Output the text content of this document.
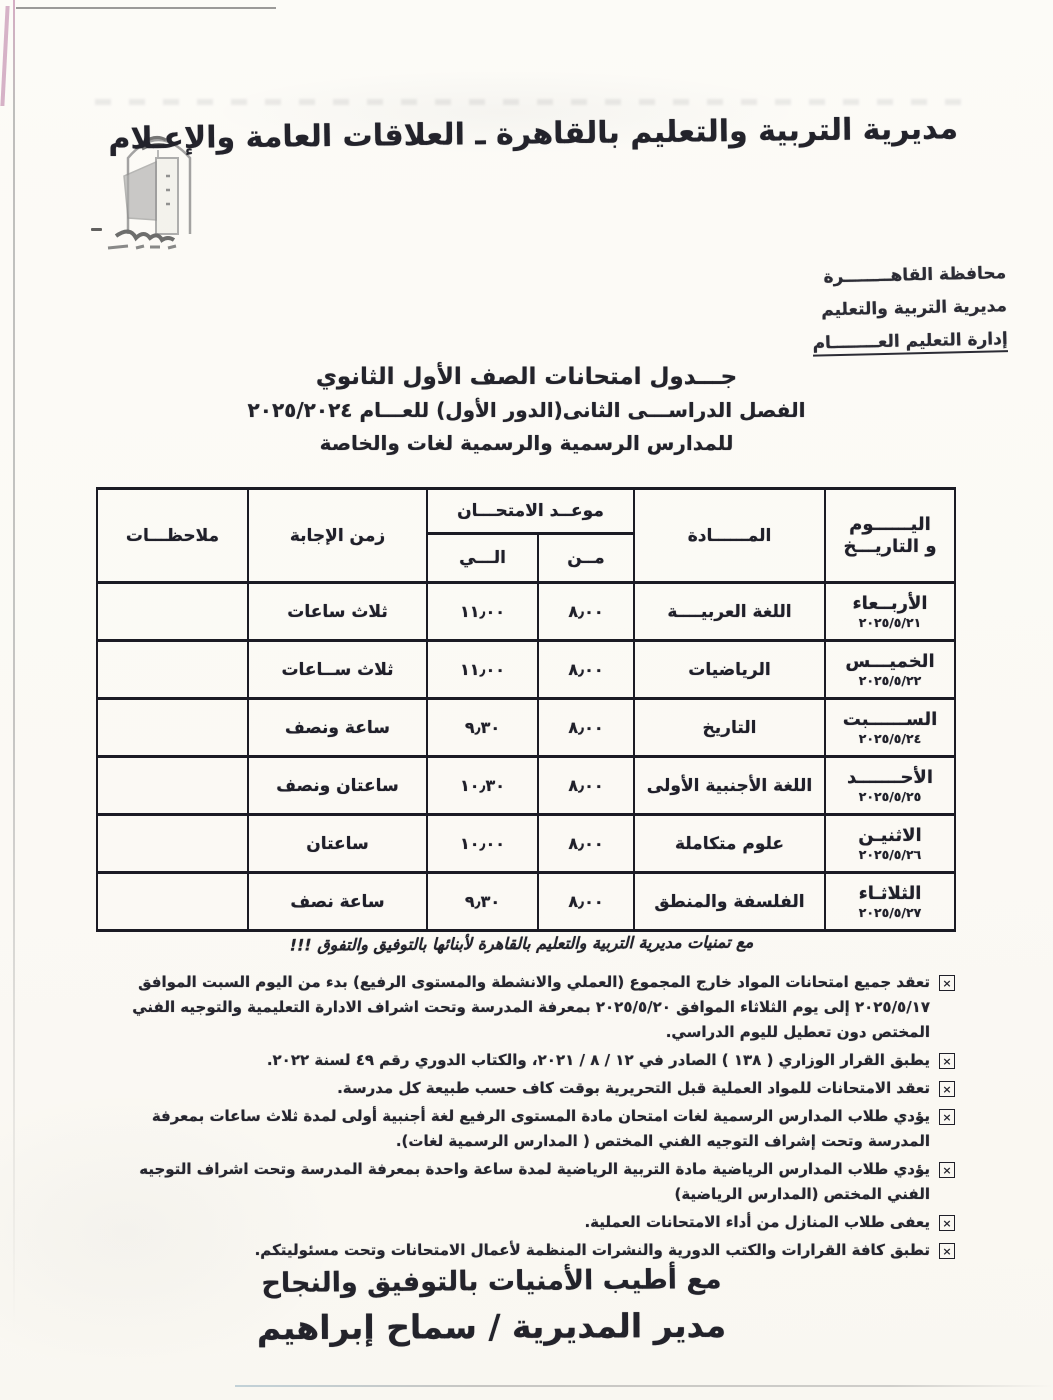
مديرية التربية والتعليم بالقاهرة ـ العلاقات العامة والإعـلام
محافظة القاهــــــــرة
مديرية التربية والتعليم
إدارة التعليم العــــــــام
جـــدول امتحانات الصف الأول الثانوي
الفصل الدراســـى الثانى(الدور الأول) للعـــام ٢٠٢٥/٢٠٢٤
للمدارس الرسمية والرسمية لغات والخاصة
اليــــــوم
و التاريـــخ	المــــــادة	موعــد الامتحـــان		زمن الإجابة	ملاحظـــات
		مــن	الـــي		

الأربــعاء
٢٠٢٥/٥/٢١	اللغة العربيــــة	٨٫٠٠	١١٫٠٠	ثلاث ساعات	

الخميـــس
٢٠٢٥/٥/٢٢	الرياضيات	٨٫٠٠	١١٫٠٠	ثلاث ســاعات	

الســــــبت
٢٠٢٥/٥/٢٤	التاريخ	٨٫٠٠	٩٫٣٠	ساعة ونصف	

الأحـــــــد
٢٠٢٥/٥/٢٥	اللغة الأجنبية الأولى	٨٫٠٠	١٠٫٣٠	ساعتان ونصف	

الاثنيـن
٢٠٢٥/٥/٢٦	علوم متكاملة	٨٫٠٠	١٠٫٠٠	ساعتان	

الثلاثـاء
٢٠٢٥/٥/٢٧	الفلسفة والمنطق	٨٫٠٠	٩٫٣٠	ساعة نصف	
مع تمنيات مديرية التربية والتعليم بالقاهرة لأبنائها بالتوفيق والتفوق !!!
×
تعقد جميع امتحانات المواد خارج المجموع (العملي والانشطة والمستوى الرفيع) بدء من اليوم السبت الموافق ٢٠٢٥/٥/١٧ إلى يوم الثلاثاء الموافق ٢٠٢٥/٥/٢٠ بمعرفة المدرسة وتحت اشراف الادارة التعليمية والتوجيه الفني المختص دون تعطيل لليوم الدراسي.
×
يطبق القرار الوزاري ( ١٣٨ ) الصادر في ١٢ / ٨ / ٢٠٢١، والكتاب الدوري رقم ٤٩ لسنة ٢٠٢٢.
×
تعقد الامتحانات للمواد العملية قبل التحريرية بوقت كاف حسب طبيعة كل مدرسة.
×
يؤدي طلاب المدارس الرسمية لغات امتحان مادة المستوى الرفيع لغة أجنبية أولى لمدة ثلاث ساعات بمعرفة المدرسة وتحت إشراف التوجيه الفني المختص ( المدارس الرسمية لغات).
×
يؤدي طلاب المدارس الرياضية مادة التربية الرياضية لمدة ساعة واحدة بمعرفة المدرسة وتحت اشراف التوجيه الفني المختص (المدارس الرياضية)
×
يعفى طلاب المنازل من أداء الامتحانات العملية.
×
تطبق كافة القرارات والكتب الدورية والنشرات المنظمة لأعمال الامتحانات وتحت مسئوليتكم.
مع أطيب الأمنيات بالتوفيق والنجاح
مدير المديرية / سماح إبراهيم
